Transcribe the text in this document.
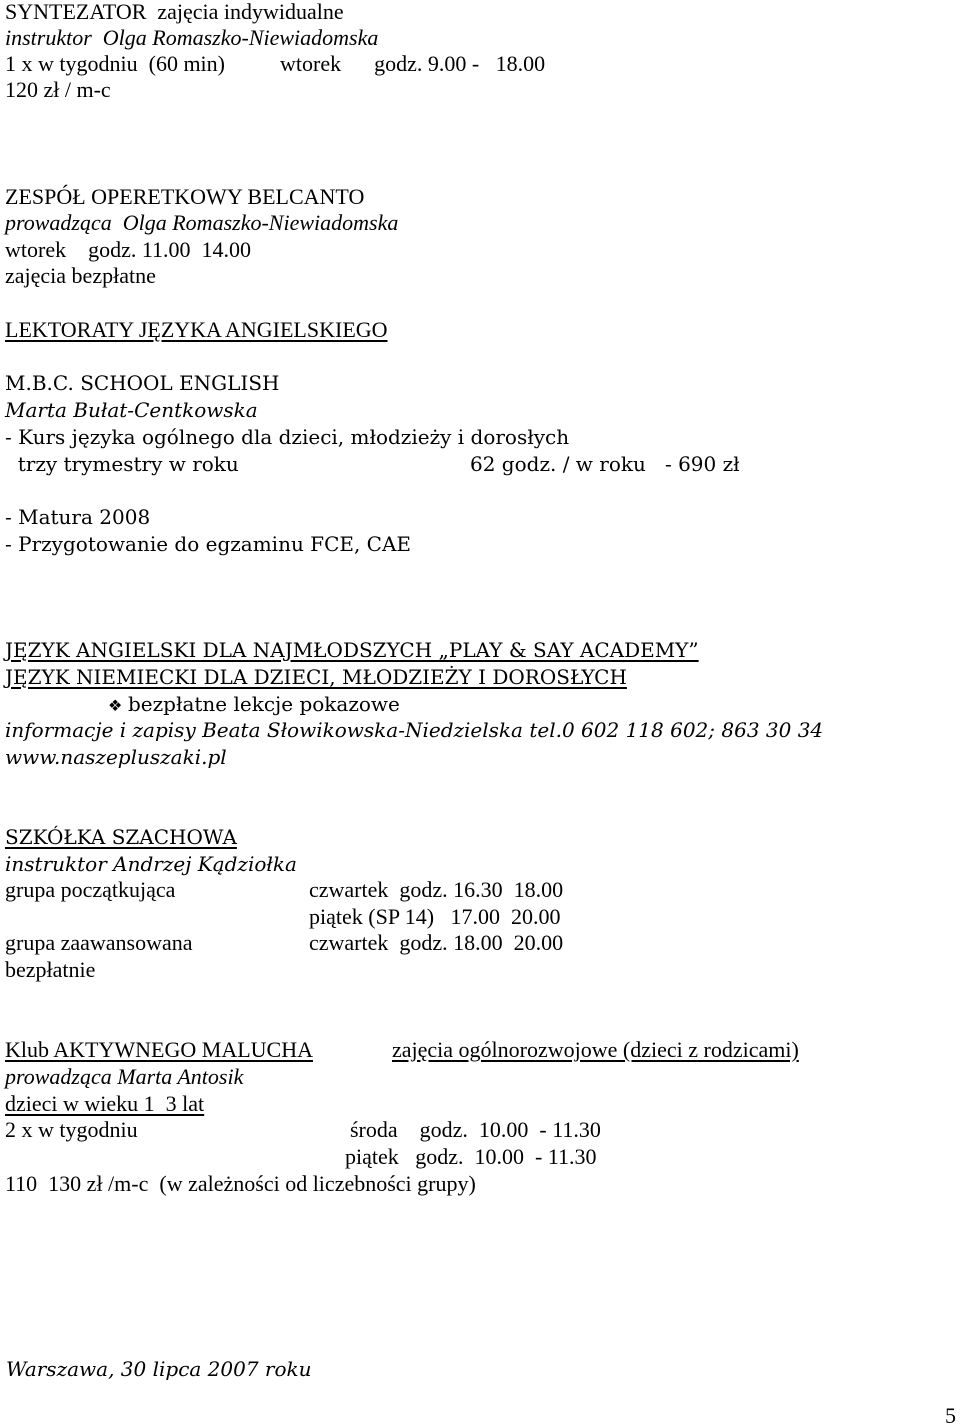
SYNTEZATOR  zajęcia indywidualne
instruktor  Olga Romaszko-Niewiadomska
1 x w tygodniu  (60 min)          wtorek      godz. 9.00 -   18.00
120 zł / m-c
ZESPÓŁ OPERETKOWY BELCANTO
prowadząca  Olga Romaszko-Niewiadomska
wtorek    godz. 11.00  14.00
zajęcia bezpłatne
LEKTORATY JĘZYKA ANGIELSKIEGO
M.B.C. SCHOOL ENGLISH
Marta Bułat-Centkowska
- Kurs języka ogólnego dla dzieci, młodzieży i dorosłych
trzy trymestry w roku	62 godz. / w roku   - 690 zł
- Matura 2008
- Przygotowanie do egzaminu FCE, CAE
JĘZYK ANGIELSKI DLA NAJMŁODSZYCH „PLAY & SAY ACADEMY”
JĘZYK NIEMIECKI DLA DZIECI, MŁODZIEŻY I DOROSŁYCH
❖ bezpłatne lekcje pokazowe
informacje i zapisy Beata Słowikowska-Niedzielska tel.0 602 118 602; 863 30 34
www.naszepluszaki.pl
SZKÓŁKA SZACHOWA
instruktor Andrzej Kądziołka
grupa początkująca	czwartek  godz. 16.30  18.00
piątek (SP 14)   17.00  20.00
grupa zaawansowana	czwartek  godz. 18.00  20.00
bezpłatnie
Klub AKTYWNEGO MALUCHA	zajęcia ogólnorozwojowe (dzieci z rodzicami)
prowadząca Marta Antosik
dzieci w wieku 1  3 lat
2 x w tygodniu	środa    godz.  10.00  - 11.30
piątek   godz.  10.00  - 11.30
110  130 zł /m-c  (w zależności od liczebności grupy)
Warszawa, 30 lipca 2007 roku
5
